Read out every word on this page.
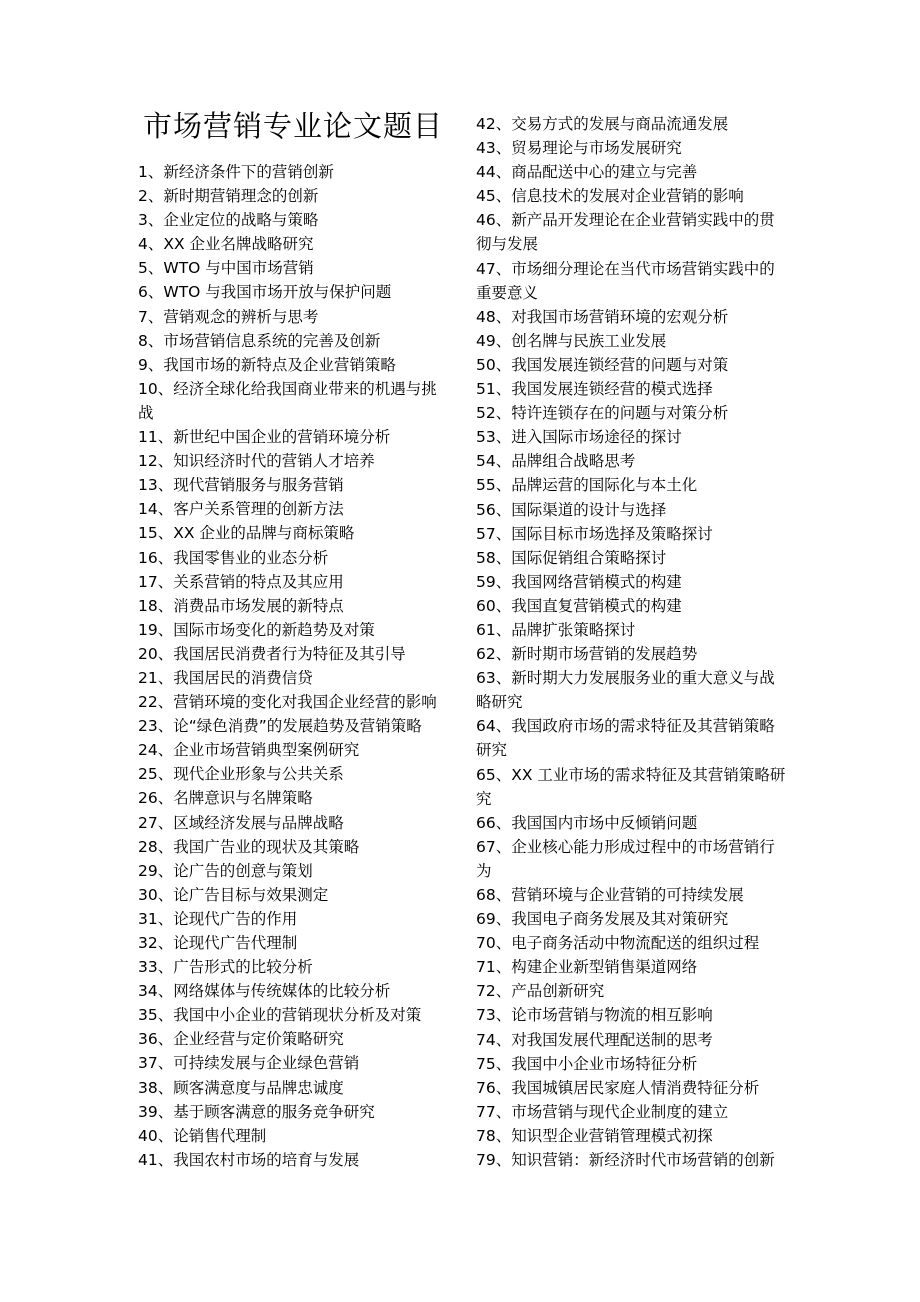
市场营销专业论文题目

1、新经济条件下的营销创新

2、新时期营销理念的创新

3、企业定位的战略与策略

4、XX 企业名牌战略研究

5、WTO 与中国市场营销

6、WTO 与我国市场开放与保护问题

7、营销观念的辨析与思考

8、市场营销信息系统的完善及创新

9、我国市场的新特点及企业营销策略

10、经济全球化给我国商业带来的机遇与挑战

11、新世纪中国企业的营销环境分析

12、知识经济时代的营销人才培养

13、现代营销服务与服务营销

14、客户关系管理的创新方法

15、XX 企业的品牌与商标策略

16、我国零售业的业态分析

17、关系营销的特点及其应用

18、消费品市场发展的新特点

19、国际市场变化的新趋势及对策

20、我国居民消费者行为特征及其引导

21、我国居民的消费信贷

22、营销环境的变化对我国企业经营的影响

23、论“绿色消费”的发展趋势及营销策略

24、企业市场营销典型案例研究

25、现代企业形象与公共关系

26、名牌意识与名牌策略

27、区域经济发展与品牌战略

28、我国广告业的现状及其策略

29、论广告的创意与策划

30、论广告目标与效果测定

31、论现代广告的作用

32、论现代广告代理制

33、广告形式的比较分析

34、网络媒体与传统媒体的比较分析

35、我国中小企业的营销现状分析及对策

36、企业经营与定价策略研究

37、可持续发展与企业绿色营销

38、顾客满意度与品牌忠诚度

39、基于顾客满意的服务竞争研究

40、论销售代理制

41、我国农村市场的培育与发展

42、交易方式的发展与商品流通发展

43、贸易理论与市场发展研究

44、商品配送中心的建立与完善

45、信息技术的发展对企业营销的影响

46、新产品开发理论在企业营销实践中的贯彻与发展

47、市场细分理论在当代市场营销实践中的重要意义

48、对我国市场营销环境的宏观分析

49、创名牌与民族工业发展

50、我国发展连锁经营的问题与对策

51、我国发展连锁经营的模式选择

52、特许连锁存在的问题与对策分析

53、进入国际市场途径的探讨

54、品牌组合战略思考

55、品牌运营的国际化与本土化

56、国际渠道的设计与选择

57、国际目标市场选择及策略探讨

58、国际促销组合策略探讨

59、我国网络营销模式的构建

60、我国直复营销模式的构建

61、品牌扩张策略探讨

62、新时期市场营销的发展趋势

63、新时期大力发展服务业的重大意义与战略研究

64、我国政府市场的需求特征及其营销策略研究

65、XX 工业市场的需求特征及其营销策略研究

66、我国国内市场中反倾销问题

67、企业核心能力形成过程中的市场营销行为

68、营销环境与企业营销的可持续发展

69、我国电子商务发展及其对策研究

70、电子商务活动中物流配送的组织过程

71、构建企业新型销售渠道网络

72、产品创新研究

73、论市场营销与物流的相互影响

74、对我国发展代理配送制的思考

75、我国中小企业市场特征分析

76、我国城镇居民家庭人情消费特征分析

77、市场营销与现代企业制度的建立

78、知识型企业营销管理模式初探

79、知识营销：新经济时代市场营销的创新
